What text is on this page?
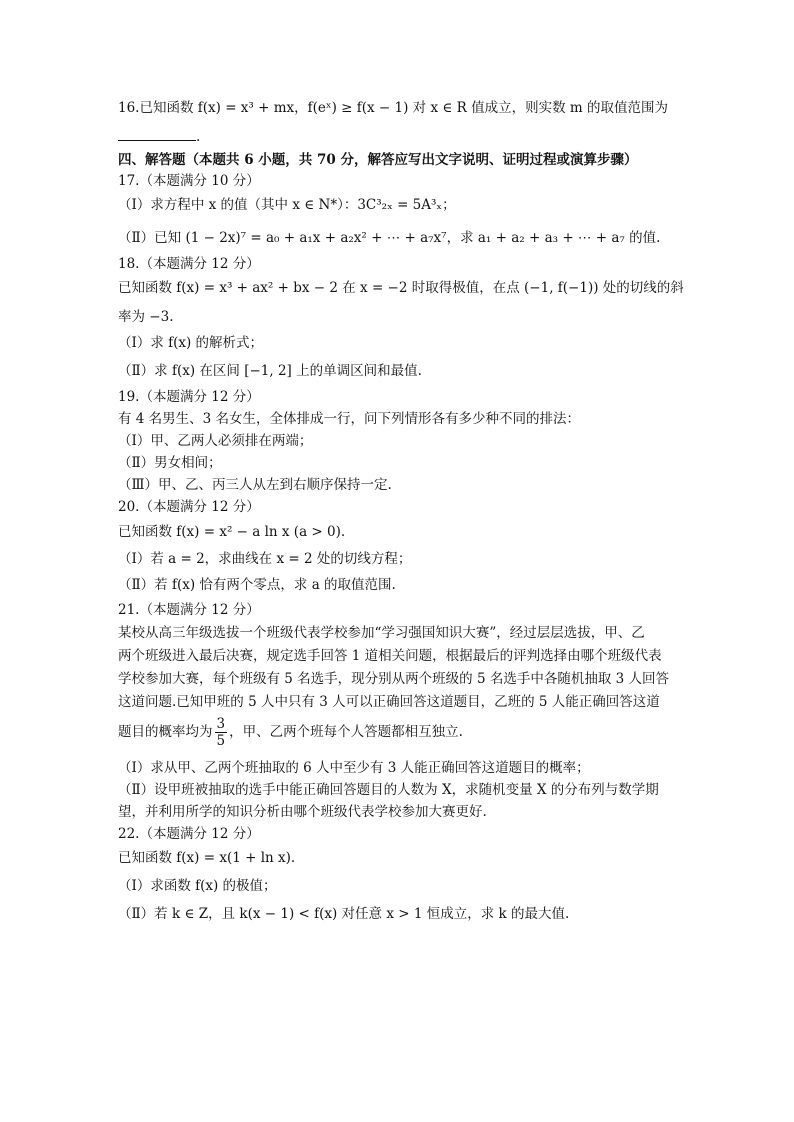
16.已知函数 f(x) = x³ + mx，f(eˣ) ≥ f(x − 1) 对 x ∈ R 值成立，则实数 m 的取值范围为
.
四、解答题（本题共 6 小题，共 70 分，解答应写出文字说明、证明过程或演算步骤）
17.（本题满分 10 分）
（Ⅰ）求方程中 x 的值（其中 x ∈ N*）：3C³₂ₓ = 5A³ₓ；
（Ⅱ）已知 (1 − 2x)⁷ = a₀ + a₁x + a₂x² + ⋯ + a₇x⁷，求 a₁ + a₂ + a₃ + ⋯ + a₇ 的值.
18.（本题满分 12 分）
已知函数 f(x) = x³ + ax² + bx − 2 在 x = −2 时取得极值，在点 (−1, f(−1)) 处的切线的斜
率为 −3.
（Ⅰ）求 f(x) 的解析式；
（Ⅱ）求 f(x) 在区间 [−1, 2] 上的单调区间和最值.
19.（本题满分 12 分）
有 4 名男生、3 名女生，全体排成一行，问下列情形各有多少种不同的排法：
（Ⅰ）甲、乙两人必须排在两端；
（Ⅱ）男女相间；
（Ⅲ）甲、乙、丙三人从左到右顺序保持一定.
20.（本题满分 12 分）
已知函数 f(x) = x² − a ln x (a > 0).
（Ⅰ）若 a = 2，求曲线在 x = 2 处的切线方程；
（Ⅱ）若 f(x) 恰有两个零点，求 a 的取值范围.
21.（本题满分 12 分）
某校从高三年级选拔一个班级代表学校参加“学习强国知识大赛”，经过层层选拔，甲、乙
两个班级进入最后决赛，规定选手回答 1 道相关问题，根据最后的评判选择由哪个班级代表
学校参加大赛，每个班级有 5 名选手，现分别从两个班级的 5 名选手中各随机抽取 3 人回答
这道问题.已知甲班的 5 人中只有 3 人可以正确回答这道题目，乙班的 5 人能正确回答这道
题目的概率均为 $\frac{3}{5}$ ，甲、乙两个班每个人答题都相互独立.
（Ⅰ）求从甲、乙两个班抽取的 6 人中至少有 3 人能正确回答这道题目的概率；
（Ⅱ）设甲班被抽取的选手中能正确回答题目的人数为 X，求随机变量 X 的分布列与数学期
望，并利用所学的知识分析由哪个班级代表学校参加大赛更好.
22.（本题满分 12 分）
已知函数 f(x) = x(1 + ln x).
（Ⅰ）求函数 f(x) 的极值；
（Ⅱ）若 k ∈ Z，且 k(x − 1) < f(x) 对任意 x > 1 恒成立，求 k 的最大值.
